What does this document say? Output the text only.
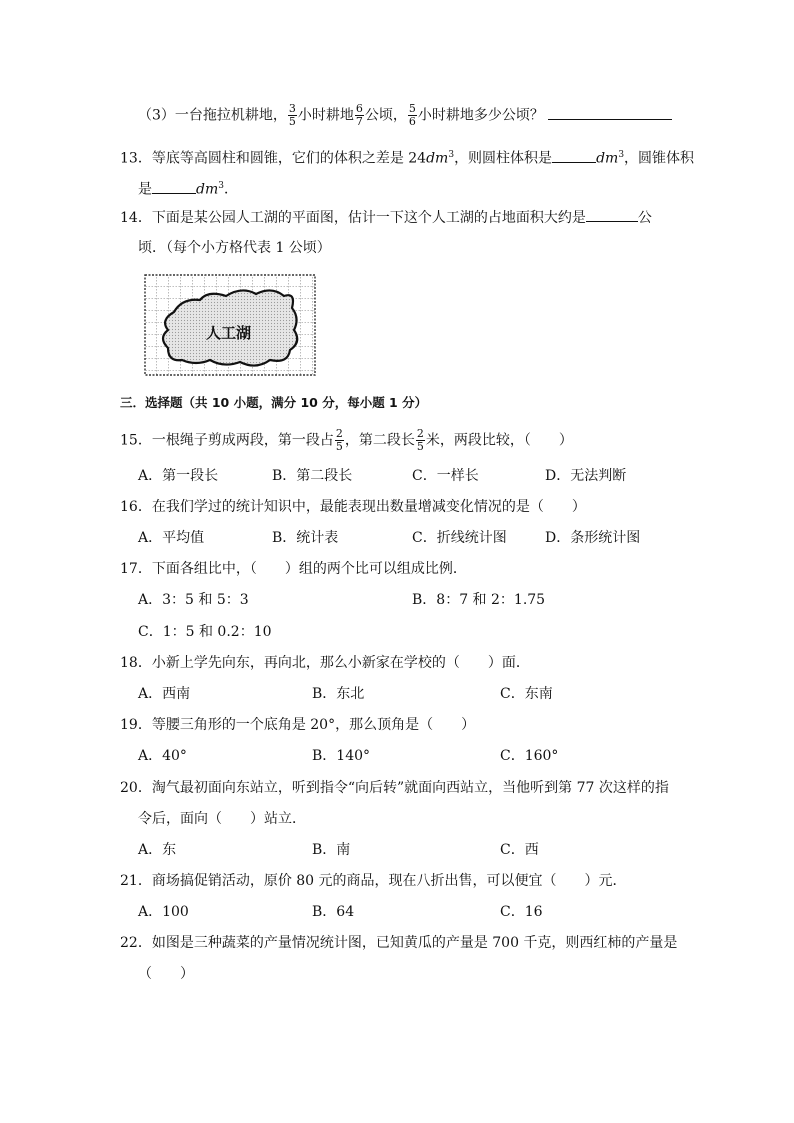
（3）一台拖拉机耕地， $\frac{3}{5}$ 小时耕地 $\frac{6}{7}$ 公顷， $\frac{5}{6}$ 小时耕地多少公顷？
13．等底等高圆柱和圆锥，它们的体积之差是 $24dm^3$，则圆柱体积是	$dm^3$，圆锥体积
是	$dm^3$．
14．下面是某公园人工湖的平面图，估计一下这个人工湖的占地面积大约是	公
顷．（每个小方格代表 1 公顷）
人工湖
三．选择题（共 10 小题，满分 10 分，每小题 1 分）
15．一根绳子剪成两段，第一段占 $\frac{2}{5}$ ，第二段长 $\frac{2}{5}$ 米，两段比较，（　　）
A．第一段长	B．第二段长	C．一样长	D．无法判断
16．在我们学过的统计知识中，最能表现出数量增减变化情况的是（　　）
A．平均值	B．统计表	C．折线统计图	D．条形统计图
17．下面各组比中，（　　）组的两个比可以组成比例．
A．3：5 和 5：3	B．8：7 和 2：1.75
C．1：5 和 0.2：10
18．小新上学先向东，再向北，那么小新家在学校的（　　）面．
A．西南	B．东北	C．东南
19．等腰三角形的一个底角是 20°，那么顶角是（　　）
A．40°	B．140°	C．160°
20．淘气最初面向东站立，听到指令“向后转”就面向西站立，当他听到第 77 次这样的指
令后，面向（　　）站立．
A．东	B．南	C．西
21．商场搞促销活动，原价 80 元的商品，现在八折出售，可以便宜（　　）元．
A．100	B．64	C．16
22．如图是三种蔬菜的产量情况统计图，已知黄瓜的产量是 700 千克，则西红柿的产量是
（　　）
